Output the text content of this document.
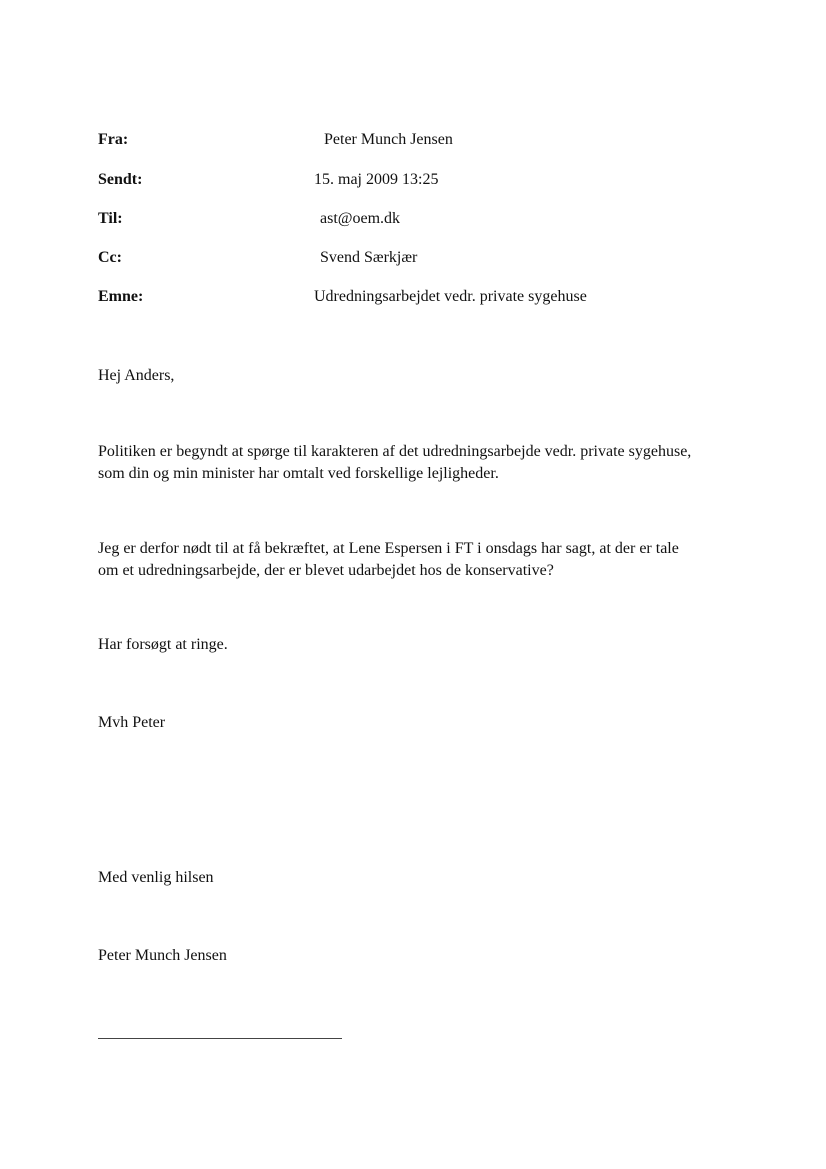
Fra:	Peter Munch Jensen
Sendt:	15. maj 2009 13:25
Til:	ast@oem.dk
Cc:	Svend Særkjær
Emne:	Udredningsarbejdet vedr. private sygehuse

Hej Anders,

Politiken er begyndt at spørge til karakteren af det udredningsarbejde vedr. private sygehuse,
som din og min minister har omtalt ved forskellige lejligheder.
Jeg er derfor nødt til at få bekræftet, at Lene Espersen i FT i onsdags har sagt, at der er tale
om et udredningsarbejde, der er blevet udarbejdet hos de konservative?

Har forsøgt at ringe.

Mvh Peter

Med venlig hilsen

Peter Munch Jensen
